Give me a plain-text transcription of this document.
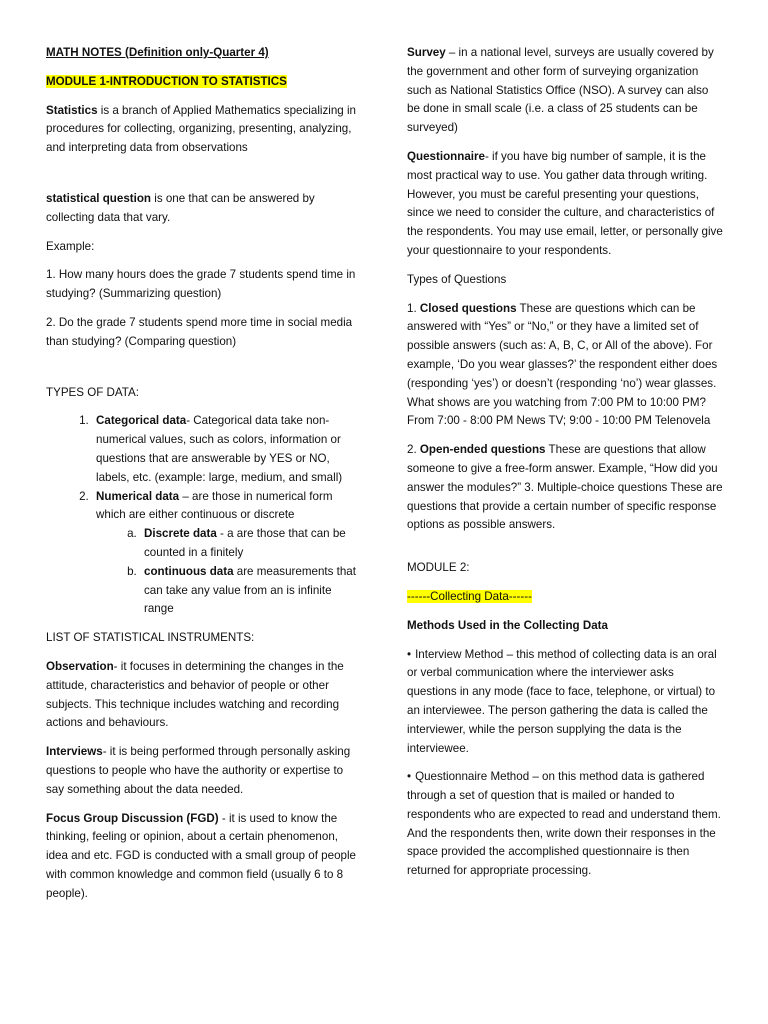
MATH NOTES (Definition only-Quarter 4)

MODULE 1-INTRODUCTION TO STATISTICS

Statistics is a branch of Applied Mathematics specializing in procedures for collecting, organizing, presenting, analyzing, and interpreting data from observations

statistical question is one that can be answered by collecting data that vary.

Example:

1. How many hours does the grade 7 students spend time in studying? (Summarizing question)

2. Do the grade 7 students spend more time in social media than studying? (Comparing question)

TYPES OF DATA:

1. Categorical data- Categorical data take non-numerical values, such as colors, information or questions that are answerable by YES or NO, labels, etc. (example: large, medium, and small)
2. Numerical data – are those in numerical form which are either continuous or discrete
a. Discrete data - a are those that can be counted in a finitely
b. continuous data are measurements that can take any value from an is infinite range

LIST OF STATISTICAL INSTRUMENTS:

Observation- it focuses in determining the changes in the attitude, characteristics and behavior of people or other subjects. This technique includes watching and recording actions and behaviours.

Interviews- it is being performed through personally asking questions to people who have the authority or expertise to say something about the data needed.

Focus Group Discussion (FGD) - it is used to know the thinking, feeling or opinion, about a certain phenomenon, idea and etc. FGD is conducted with a small group of people with common knowledge and common field (usually 6 to 8 people).

Survey – in a national level, surveys are usually covered by the government and other form of surveying organization such as National Statistics Office (NSO). A survey can also be done in small scale (i.e. a class of 25 students can be surveyed)

Questionnaire- if you have big number of sample, it is the most practical way to use. You gather data through writing. However, you must be careful presenting your questions, since we need to consider the culture, and characteristics of the respondents. You may use email, letter, or personally give your questionnaire to your respondents.

Types of Questions

1. Closed questions These are questions which can be answered with “Yes” or “No,” or they have a limited set of possible answers (such as: A, B, C, or All of the above). For example, ‘Do you wear glasses?’ the respondent either does (responding ‘yes’) or doesn’t (responding ‘no’) wear glasses. What shows are you watching from 7:00 PM to 10:00 PM? From 7:00 - 8:00 PM News TV; 9:00 - 10:00 PM Telenovela

2. Open-ended questions These are questions that allow someone to give a free-form answer. Example, “How did you answer the modules?” 3. Multiple-choice questions These are questions that provide a certain number of specific response options as possible answers.

MODULE 2:

------Collecting Data------

Methods Used in the Collecting Data

• Interview Method – this method of collecting data is an oral or verbal communication where the interviewer asks questions in any mode (face to face, telephone, or virtual) to an interviewee. The person gathering the data is called the interviewer, while the person supplying the data is the interviewee.

• Questionnaire Method – on this method data is gathered through a set of question that is mailed or handed to respondents who are expected to read and understand them. And the respondents then, write down their responses in the space provided the accomplished questionnaire is then returned for appropriate processing.
